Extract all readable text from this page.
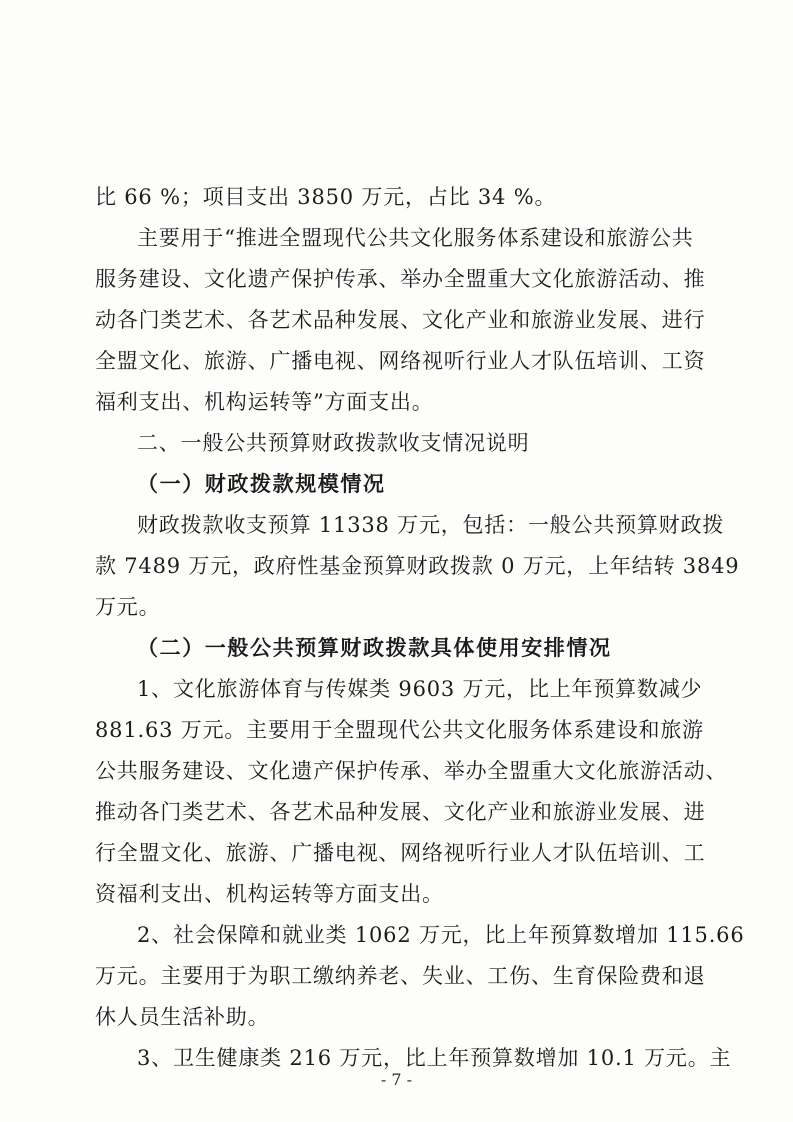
比 66 %；项目支出 3850 万元，占比 34 %。
主要用于“推进全盟现代公共文化服务体系建设和旅游公共
服务建设、文化遗产保护传承、举办全盟重大文化旅游活动、推
动各门类艺术、各艺术品种发展、文化产业和旅游业发展、进行
全盟文化、旅游、广播电视、网络视听行业人才队伍培训、工资
福利支出、机构运转等”方面支出。
二、一般公共预算财政拨款收支情况说明
（一）财政拨款规模情况
财政拨款收支预算 11338 万元，包括：一般公共预算财政拨
款 7489 万元，政府性基金预算财政拨款 0 万元，上年结转 3849
万元。
（二）一般公共预算财政拨款具体使用安排情况
1、文化旅游体育与传媒类 9603 万元，比上年预算数减少
881.63 万元。主要用于全盟现代公共文化服务体系建设和旅游
公共服务建设、文化遗产保护传承、举办全盟重大文化旅游活动、
推动各门类艺术、各艺术品种发展、文化产业和旅游业发展、进
行全盟文化、旅游、广播电视、网络视听行业人才队伍培训、工
资福利支出、机构运转等方面支出。
2、社会保障和就业类 1062 万元，比上年预算数增加 115.66
万元。主要用于为职工缴纳养老、失业、工伤、生育保险费和退
休人员生活补助。
3、卫生健康类 216 万元，比上年预算数增加 10.1 万元。主
- 7 -
